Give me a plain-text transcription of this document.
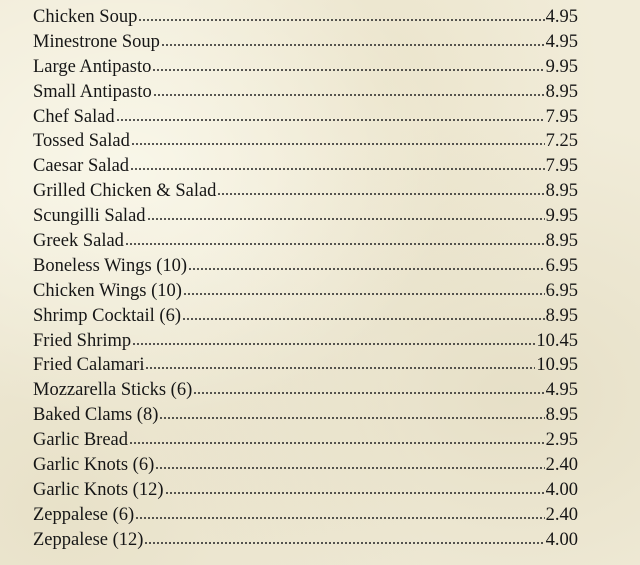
Chicken Soup	4.95
Minestrone Soup	4.95
Large Antipasto	9.95
Small Antipasto	8.95
Chef Salad	7.95
Tossed Salad	7.25
Caesar Salad	7.95
Grilled Chicken & Salad	8.95
Scungilli Salad	9.95
Greek Salad	8.95
Boneless Wings (10)	6.95
Chicken Wings (10)	6.95
Shrimp Cocktail (6)	8.95
Fried Shrimp	10.45
Fried Calamari	10.95
Mozzarella Sticks (6)	4.95
Baked Clams (8)	8.95
Garlic Bread	2.95
Garlic Knots (6)	2.40
Garlic Knots (12)	4.00
Zeppalese (6)	2.40
Zeppalese (12)	4.00
